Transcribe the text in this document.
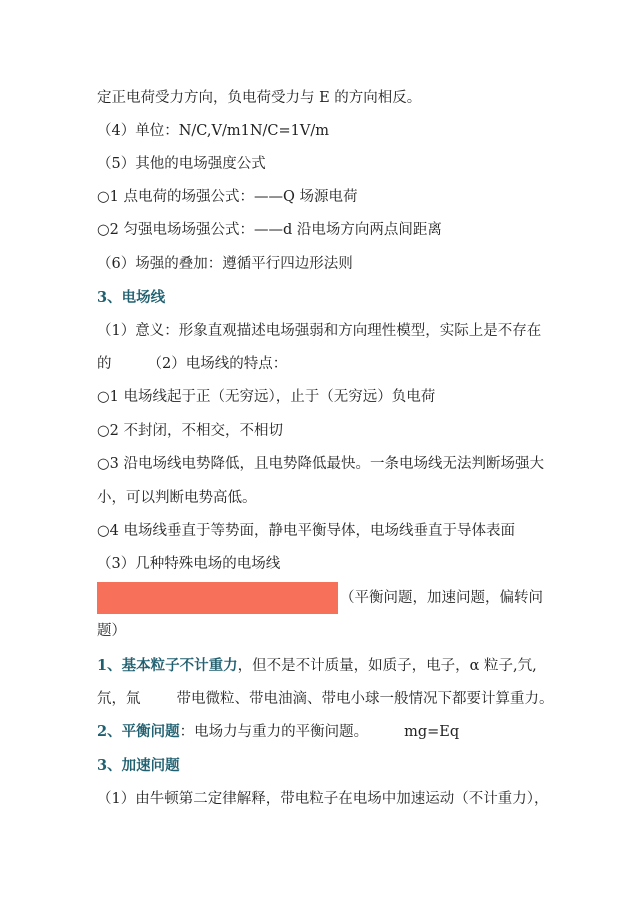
定正电荷受力方向，负电荷受力与 E 的方向相反。
（4）单位：N/C,V/m1N/C=1V/m
（5）其他的电场强度公式
○1 点电荷的场强公式：——Q 场源电荷
○2 匀强电场场强公式：——d 沿电场方向两点间距离
（6）场强的叠加：遵循平行四边形法则
3、电场线
（1）意义：形象直观描述电场强弱和方向理性模型，实际上是不存在
的 （2）电场线的特点：
○1 电场线起于正（无穷远），止于（无穷远）负电荷
○2 不封闭，不相交，不相切
○3 沿电场线电势降低，且电势降低最快。一条电场线无法判断场强大
小，可以判断电势高低。
○4 电场线垂直于等势面，静电平衡导体，电场线垂直于导体表面
（3）几种特殊电场的电场线
（平衡问题，加速问题，偏转问
题）
1、基本粒子不计重力，但不是不计质量，如质子，电子，α 粒子,氕,
氘，氚 带电微粒、带电油滴、带电小球一般情况下都要计算重力。
2、平衡问题：电场力与重力的平衡问题。 mg=Eq
3、加速问题
（1）由牛顿第二定律解释，带电粒子在电场中加速运动（不计重力），
